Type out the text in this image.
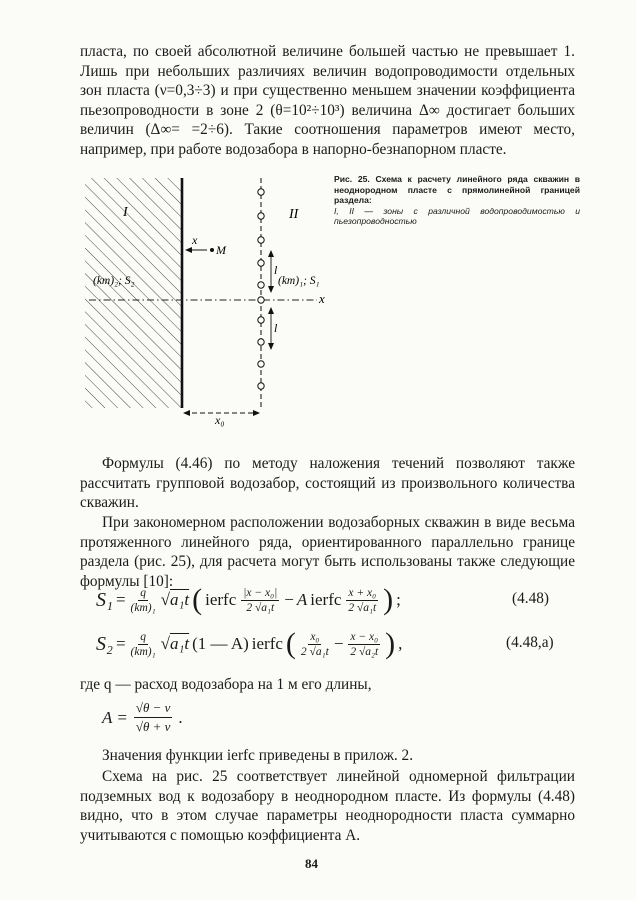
пласта, по своей абсолютной величине большей частью не превышает 1. Лишь при небольших различиях величин водопроводимости отдельных зон пласта (ν=0,3÷3) и при существенно меньшем значении коэффициента пьезопроводности в зоне 2 (θ=10²÷10³) величина Δ∞ достигает больших величин (Δ∞= =2÷6). Такие соотношения параметров имеют место, например, при работе водозабора в напорно-безнапорном пласте.

x
I	II
(km)₂; S₂	(km)₁; S₁
x
M
l
l
x₀
Рис. 25. Схема к расчету линейного ряда скважин в неоднородном пласте с прямолинейной границей раздела:
I, II — зоны с различной водопроводимостью и пьезопроводностью

Формулы (4.46) по методу наложения течений позволяют также рассчитать групповой водозабор, состоящий из произвольного количества скважин.

При закономерном расположении водозаборных скважин в виде весьма протяженного линейного ряда, ориентированного параллельно границе раздела (рис. 25), для расчета могут быть использованы также следующие формулы [10]:

$S_1 = \frac{q}{\text{(km)₁}} √a_1t$ ( ierfc $\frac{\text{|x − x₀|}}{\text{2 √a₁t}} - A$ ierfc $\frac{\text{x + x₀}}{\text{2 √a₁t}}$ ) ;	(4.48)
$S_2 = \frac{q}{\text{(km)₁}} √a_1t$ (1 — A) ierfc ( $\frac{\text{x₀}}{\text{2 √a₁t}} - \frac{\text{x − x₀}}{\text{2 √a₂t}}$ ) ,	(4.48,а)

где q — расход водозабора на 1 м его длины,

$A = \frac{√\theta - \nu}{√\theta + \nu}$ .

Значения функции ierfc приведены в прилож. 2.

Схема на рис. 25 соответствует линейной одномерной фильтрации подземных вод к водозабору в неоднородном пласте. Из формулы (4.48) видно, что в этом случае параметры неоднородности пласта суммарно учитываются с помощью коэффициента A.

84
